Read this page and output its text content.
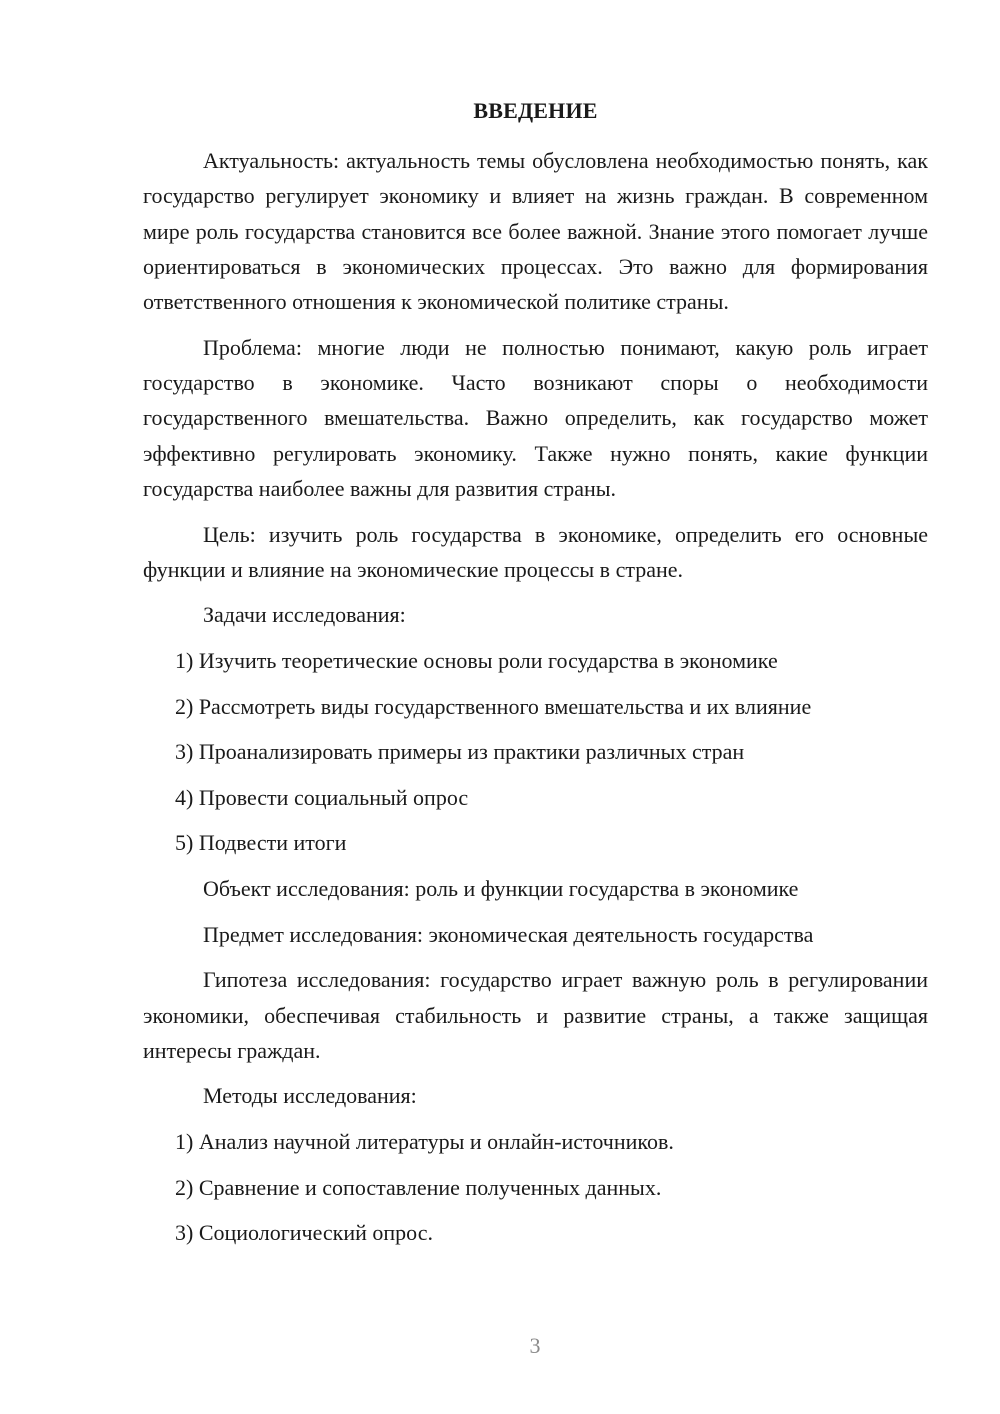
ВВЕДЕНИЕ

Актуальность: актуальность темы обусловлена необходимостью понять, как государство регулирует экономику и влияет на жизнь граждан. В современном мире роль государства становится все более важной. Знание этого помогает лучше ориентироваться в экономических процессах. Это важно для формирования ответственного отношения к экономической политике страны.

Проблема: многие люди не полностью понимают, какую роль играет государство в экономике. Часто возникают споры о необходимости государственного вмешательства. Важно определить, как государство может эффективно регулировать экономику. Также нужно понять, какие функции государства наиболее важны для развития страны.

Цель: изучить роль государства в экономике, определить его основные функции и влияние на экономические процессы в стране.

Задачи исследования:
1) Изучить теоретические основы роли государства в экономике
2) Рассмотреть виды государственного вмешательства и их влияние
3) Проанализировать примеры из практики различных стран
4) Провести социальный опрос
5) Подвести итоги
Объект исследования: роль и функции государства в экономике
Предмет исследования: экономическая деятельность государства

Гипотеза исследования: государство играет важную роль в регулировании экономики, обеспечивая стабильность и развитие страны, а также защищая интересы граждан.

Методы исследования:
1) Анализ научной литературы и онлайн-источников.
2) Сравнение и сопоставление полученных данных.
3) Социологический опрос.
3
